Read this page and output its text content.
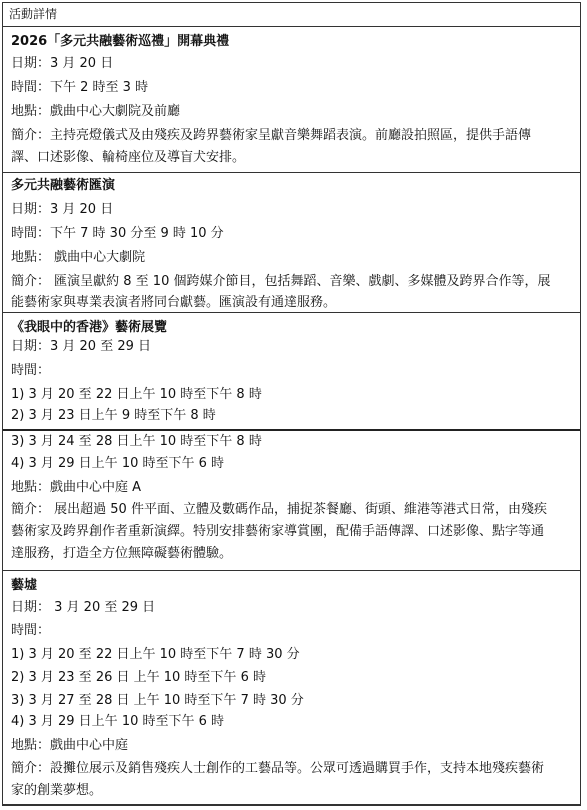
活動詳情
2026「多元共融藝術巡禮」開幕典禮
日期：3 月 20 日
時間：下午 2 時至 3 時
地點：戲曲中心大劇院及前廳
簡介：主持亮燈儀式及由殘疾及跨界藝術家呈獻音樂舞蹈表演。前廳設拍照區，提供手語傳
譯、口述影像、輪椅座位及導盲犬安排。
多元共融藝術匯演
日期：3 月 20 日
時間：下午 7 時 30 分至 9 時 10 分
地點： 戲曲中心大劇院
簡介： 匯演呈獻約 8 至 10 個跨媒介節目，包括舞蹈、音樂、戲劇、多媒體及跨界合作等，展
能藝術家與專業表演者將同台獻藝。匯演設有通達服務。
《我眼中的香港》藝術展覽
日期：3 月 20 至 29 日
時間：
1) 3 月 20 至 22 日上午 10 時至下午 8 時
2) 3 月 23 日上午 9 時至下午 8 時
3) 3 月 24 至 28 日上午 10 時至下午 8 時
4) 3 月 29 日上午 10 時至下午 6 時
地點：戲曲中心中庭 A
簡介： 展出超過 50 件平面、立體及數碼作品，捕捉茶餐廳、街頭、維港等港式日常，由殘疾
藝術家及跨界創作者重新演繹。特別安排藝術家導賞團，配備手語傳譯、口述影像、點字等通
達服務，打造全方位無障礙藝術體驗。
藝墟
日期： 3 月 20 至 29 日
時間：
1) 3 月 20 至 22 日上午 10 時至下午 7 時 30 分
2) 3 月 23 至 26 日 上午 10 時至下午 6 時
3) 3 月 27 至 28 日 上午 10 時至下午 7 時 30 分
4) 3 月 29 日上午 10 時至下午 6 時
地點：戲曲中心中庭
簡介：設攤位展示及銷售殘疾人士創作的工藝品等。公眾可透過購買手作，支持本地殘疾藝術
家的創業夢想。
